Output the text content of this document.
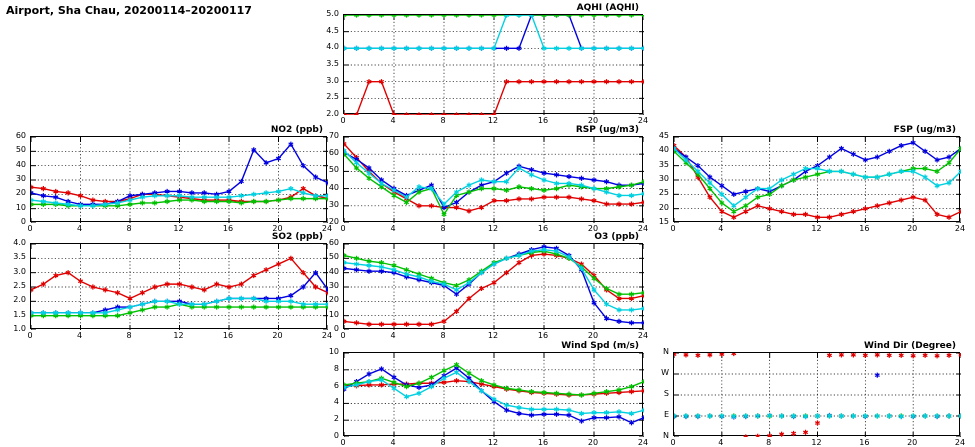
Airport, Sha Chau, 20200114–20200117	AQHI (AQHI)
2.0
2.5
3.0
3.5
4.0
4.5
5.0
0	4	8	12	16	20	24
NO2 (ppb)
0
10
20
30
40
50
60
0	4	8	12	16	20	24
RSP (ug/m3)
20
30
40
50
60
70
0	4	8	12	16	20	24
FSP (ug/m3)
15
20
25
30
35
40
45
0	4	8	12	16	20	24
SO2 (ppb)
1.0
1.5
2.0
2.5
3.0
3.5
4.0
0	4	8	12	16	20	24
O3 (ppb)
0
10
20
30
40
50
60
0	4	8	12	16	20	24
Wind Spd (m/s)
0
2
4
6
8
10
0	4	8	12	16	20	24
Wind Dir (Degree)
N
E
S
W
N
0	4	8	12	16	20	24
